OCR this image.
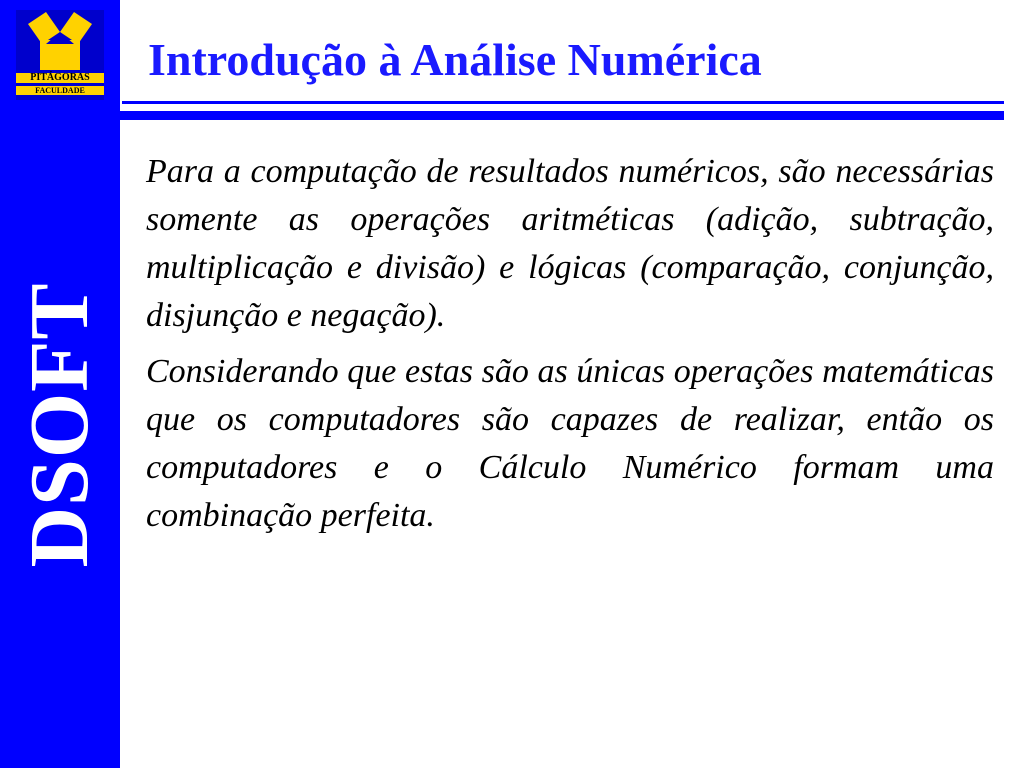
PITÁGORAS
FACULDADE
DSOFT
Introdução à Análise Numérica

Para a computação de resultados numéricos, são necessárias somente as operações aritméticas (adição, subtração, multiplicação e divisão) e lógicas (comparação, conjunção, disjunção e negação).

Considerando que estas são as únicas operações matemáticas que os computadores são capazes de realizar, então os computadores e o Cálculo Numérico formam uma combinação perfeita.
